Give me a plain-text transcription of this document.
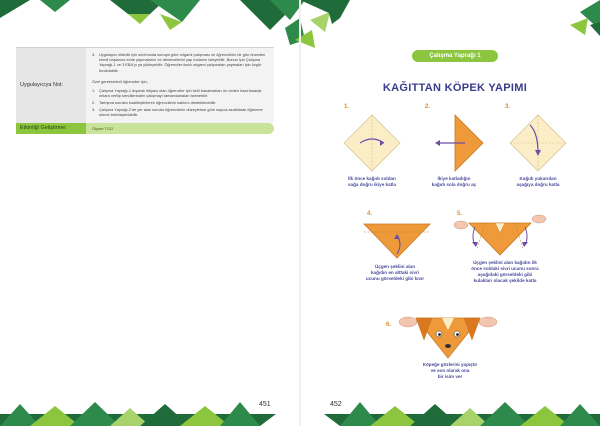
451	452
Uygulayıcıya Not:
3. Uygulayıcı etkinlik için sınıfınızda sunuya göre origami çalışması ve öğrencilerin bir gün önceden kendi başlarına evde yapmalarını ve denemelerini yap malarını isteyebilir. Bunun için Çalışma Yaprağı-1 ve 3 EBA'yı ya yükleyebilir. Öğrenciler farklı origami çalışmaları yapmaları için özgür bırakılabilir.

Özel gereksinimli öğrenciler için;

1. Çalışma Yaprağı-1 dışarak ihtiyacı olan öğrenciler için belli basamakları ön ceden hazırlanarak onlara verilip kendilerinden çalışmayı tamamlamaları istenebilir.
2. Tartışma soruları basitleştirilerek öğrencilerin katılımı desteklenebilir.
3. Çalışma Yaprağı-2'de yer alan sorular öğrencilerin düzeylerine göre sayıca azaltılarak öğrenme süreci farklılaştırılabilir.
Etkinliği Geliştirme:	Ölçme TGÜ
Çalışma Yaprağı 1
KAĞITTAN KÖPEK YAPIMI
1.
İlk önce kağıdı soldan
sağa doğru ikiye katla
2.
İkiye katladığın
kağıdı sola doğru aç
3.
Kağıdı yukarıdan
aşağıya doğru katla
4.
Üçgen şeklini alan
kağıdın en alttaki sivri
ucunu görseldeki gibi kıvır
5.
Üçgen şeklini alan kağıdın ilk
önce soldaki sivri ucunu sonra
aşağıdaki görseldeki gibi
kulakları olacak şekilde katla
6.
Köpeğe gözlerini yapıştır
ve son olarak ona
bir isim ver
